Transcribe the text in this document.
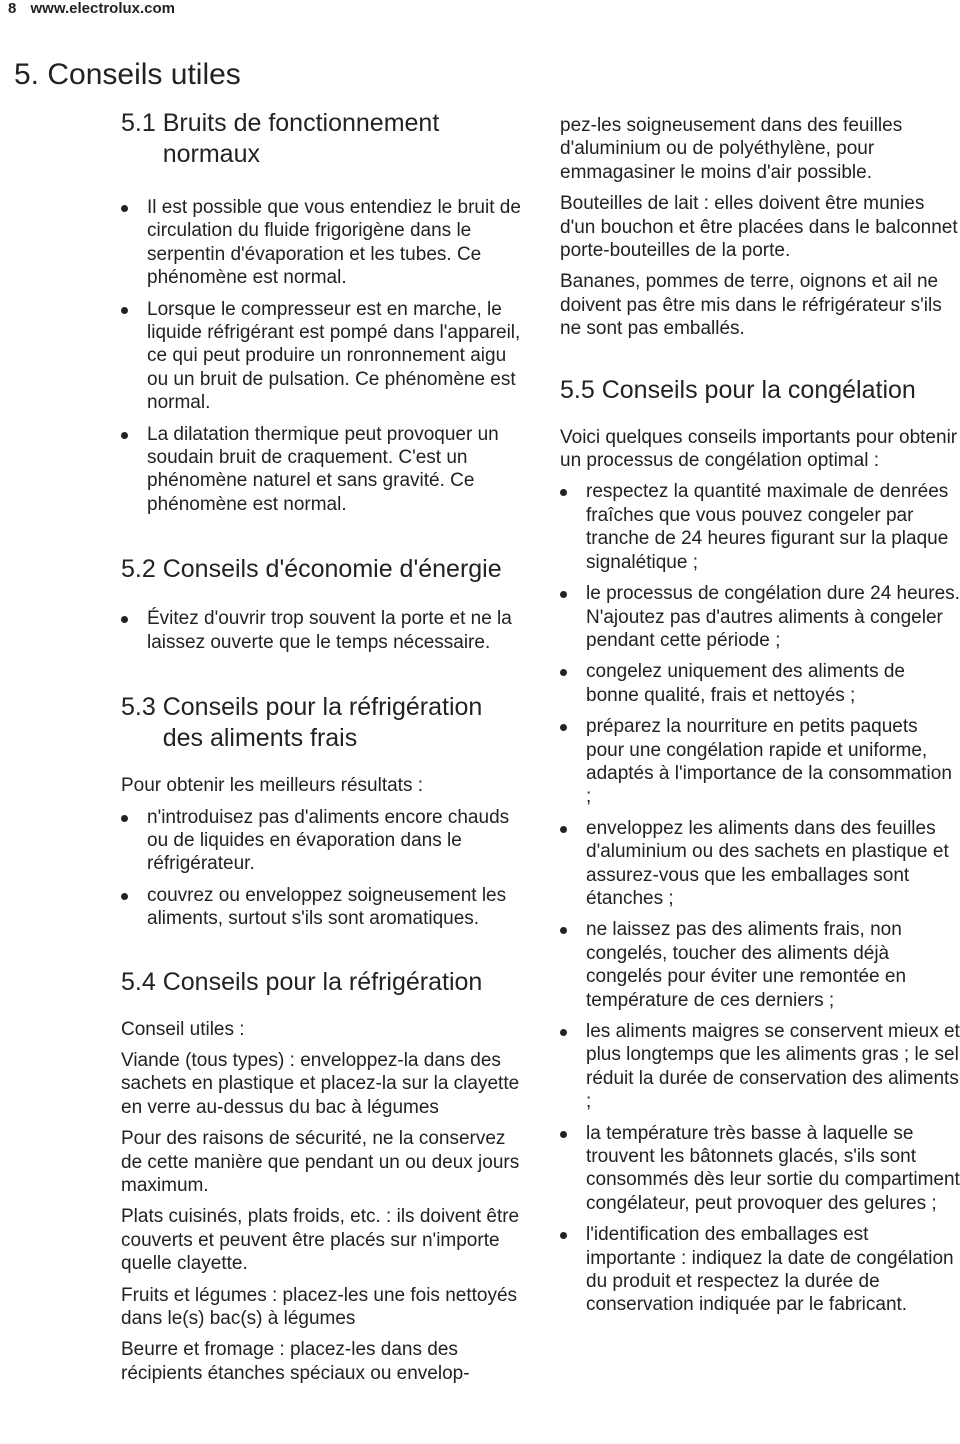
8 www.electrolux.com
5. Conseils utiles
5.1 Bruits de fonctionnement
normaux
Il est possible que vous entendiez le bruit de circulation du fluide frigorigène dans le serpentin d'évaporation et les tubes. Ce phénomène est normal.
Lorsque le compresseur est en marche, le liquide réfrigérant est pompé dans l'appareil, ce qui peut produire un ronronnement aigu ou un bruit de pulsation. Ce phénomène est normal.
La dilatation thermique peut provoquer un soudain bruit de craquement. C'est un phénomène naturel et sans gravité. Ce phénomène est normal.
5.2 Conseils d'économie d'énergie
Évitez d'ouvrir trop souvent la porte et ne la laissez ouverte que le temps nécessaire.
5.3 Conseils pour la réfrigération
des aliments frais

Pour obtenir les meilleurs résultats :

n'introduisez pas d'aliments encore chauds ou de liquides en évaporation dans le réfrigérateur.
couvrez ou enveloppez soigneusement les aliments, surtout s'ils sont aromatiques.
5.4 Conseils pour la réfrigération

Conseil utiles :

Viande (tous types) : enveloppez-la dans des sachets en plastique et placez-la sur la clayette en verre au-dessus du bac à légumes

Pour des raisons de sécurité, ne la conservez de cette manière que pendant un ou deux jours maximum.

Plats cuisinés, plats froids, etc. : ils doivent être couverts et peuvent être placés sur n'importe quelle clayette.

Fruits et légumes : placez-les une fois nettoyés dans le(s) bac(s) à légumes

Beurre et fromage : placez-les dans des récipients étanches spéciaux ou envelop-

pez-les soigneusement dans des feuilles d'aluminium ou de polyéthylène, pour emmagasiner le moins d'air possible.

Bouteilles de lait : elles doivent être munies d'un bouchon et être placées dans le balconnet porte-bouteilles de la porte.

Bananes, pommes de terre, oignons et ail ne doivent pas être mis dans le réfrigérateur s'ils ne sont pas emballés.

5.5 Conseils pour la congélation

Voici quelques conseils importants pour obtenir un processus de congélation optimal :

respectez la quantité maximale de denrées fraîches que vous pouvez congeler par tranche de 24 heures figurant sur la plaque signalétique ;
le processus de congélation dure 24 heures. N'ajoutez pas d'autres aliments à congeler pendant cette période ;
congelez uniquement des aliments de bonne qualité, frais et nettoyés ;
préparez la nourriture en petits paquets pour une congélation rapide et uniforme, adaptés à l'importance de la consommation ;
enveloppez les aliments dans des feuilles d'aluminium ou des sachets en plastique et assurez-vous que les emballages sont étanches ;
ne laissez pas des aliments frais, non congelés, toucher des aliments déjà congelés pour éviter une remontée en température de ces derniers ;
les aliments maigres se conservent mieux et plus longtemps que les aliments gras ; le sel réduit la durée de conservation des aliments ;
la température très basse à laquelle se trouvent les bâtonnets glacés, s'ils sont consommés dès leur sortie du compartiment congélateur, peut provoquer des gelures ;
l'identification des emballages est importante : indiquez la date de congélation du produit et respectez la durée de conservation indiquée par le fabricant.
